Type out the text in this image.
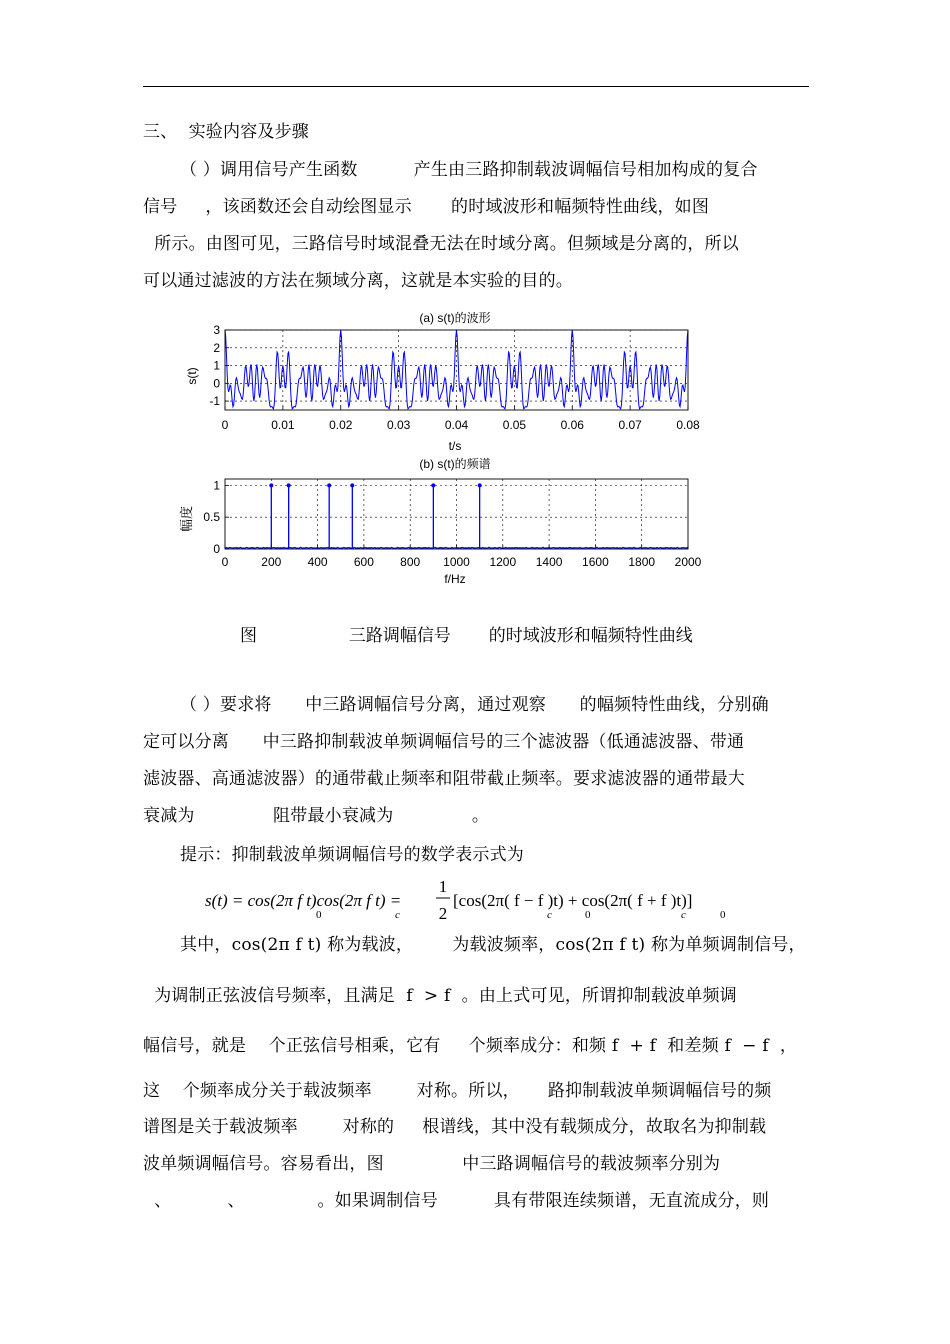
三、  实验内容及步骤
（ ）调用信号产生函数          产生由三路抑制载波调幅信号相加构成的复合
信号     ，该函数还会自动绘图显示       的时域波形和幅频特性曲线，如图
所示。由图可见，三路信号时域混叠无法在时域分离。但频域是分离的，所以
可以通过滤波的方法在频域分离，这就是本实验的目的。
(a) s(t)的波形
0	0.01	0.02	0.03	0.04	0.05	0.06	0.07	0.08
3
2
1
0
-1
t/s
s(t)
(b) s(t)的频谱
0	200 400 600 800 1000 1200 1400 1600 1800 2000
1
0.5
0
f/Hz
幅度
图                 三路调幅信号       的时域波形和幅频特性曲线
（ ）要求将      中三路调幅信号分离，通过观察      的幅频特性曲线，分别确
定可以分离      中三路抑制载波单频调幅信号的三个滤波器（低通滤波器、带通
滤波器、高通滤波器）的通带截止频率和阻带截止频率。要求滤波器的通带最大
衰减为              阻带最小衰减为              。
提示：抑制载波单频调幅信号的数学表示式为
s(t) = cos(2π f t)cos(2π f t) =
1
2
[cos(2π( f − f )t) + cos(2π( f + f )t)]
0	c	c	0	c	0
其中，cos(2π f t) 称为载波，       为载波频率，cos(2π f t) 称为单频调制信号，
为调制正弦波信号频率，且满足  f  > f  。由上式可见，所谓抑制载波单频调
幅信号，就是    个正弦信号相乘，它有     个频率成分：和频 f  + f  和差频 f  − f  ，
这    个频率成分关于载波频率        对称。所以，     路抑制载波单频调幅信号的频
谱图是关于载波频率        对称的     根谱线，其中没有载频成分，故取名为抑制载
波单频调幅信号。容易看出，图              中三路调幅信号的载波频率分别为
、          、             。如果调制信号          具有带限连续频谱，无直流成分，则
